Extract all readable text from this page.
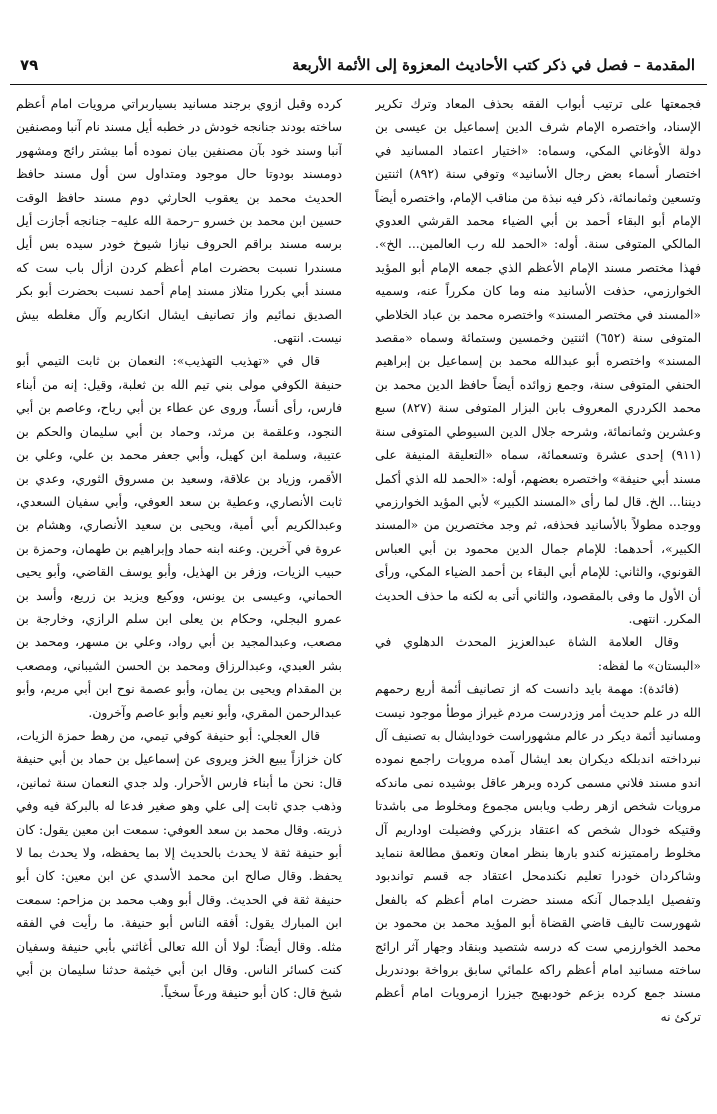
٧٩	المقدمة – فصل في ذكر كتب الأحاديث المعزوة إلى الأئمة الأربعة

فجمعتها على ترتيب أبواب الفقه بحذف المعاد وترك تكرير الإسناد، واختصره الإمام شرف الدين إسماعيل بن عيسى بن دولة الأوغاني المكي، وسماه: «اختيار اعتماد المسانيد في اختصار أسماء بعض رجال الأسانيد» وتوفي سنة (٨٩٢) اثنتين وتسعين وثمانمائة، ذكر فيه نبذة من مناقب الإمام، واختصره أيضاً الإمام أبو البقاء أحمد بن أبي الضياء محمد القرشي العدوي المالكي المتوفى سنة. أوله: «الحمد لله رب العالمين... الخ». فهذا مختصر مسند الإمام الأعظم الذي جمعه الإمام أبو المؤيد الخوارزمي، حذفت الأسانيد منه وما كان مكرراً عنه، وسميه «المسند في مختصر المسند» واختصره محمد بن عباد الخلاطي المتوفى سنة (٦٥٢) اثنتين وخمسين وستمائة وسماه «مقصد المسند» واختصره أبو عبدالله محمد بن إسماعيل بن إبراهيم الحنفي المتوفى سنة، وجمع زوائده أيضاً حافظ الدين محمد بن محمد الكردري المعروف بابن البزار المتوفى سنة (٨٢٧) سبع وعشرين وثمانمائة، وشرحه جلال الدين السيوطي المتوفى سنة (٩١١) إحدى عشرة وتسعمائة، سماه «التعليقة المنيفة على مسند أبي حنيفة» واختصره بعضهم، أوله: «الحمد لله الذي أكمل ديننا... الخ. قال لما رأى «المسند الكبير» لأبي المؤيد الخوارزمي ووجده مطولاً بالأسانيد فحذفه، ثم وجد مختصرين من «المسند الكبير»، أحدهما: للإمام جمال الدين محمود بن أبي العباس القونوي، والثاني: للإمام أبي البقاء بن أحمد الضياء المكي، ورأى أن الأول ما وفى بالمقصود، والثاني أتى به لكنه ما حذف الحديث المكرر. انتهى.

وقال العلامة الشاة عبدالعزيز المحدث الدهلوي في «البستان» ما لفظه:

(فائدة): مهمة بايد دانست كه از تصانيف أئمة أربع رحمهم الله در علم حديث أمر وزدرست مردم غيراز موطأ موجود نيست ومسانيد أئمة ديكر در عالم مشهوراست خودايشال به تصنيف آل نبرداخته اندبلكه ديكران بعد ايشال آمده مرويات راجمع نموده اندو مسند فلاني مسمى كرده وبرهر عاقل بوشيده نمى ماندكه مرويات شخص ازهر رطب ويابس مجموع ومخلوط مى باشدتا وقتيكه خودال شخص كه اعتقاد بزركي وفضيلت اوداريم آل مخلوط راممتيزنه كندو بارها بنظر امعان وتعمق مطالعة ننمايد وشاكردان خودرا تعليم نكندمحل اعتقاد جه قسم تواندبود وتفصيل ايلدجمال آنكه مسند حضرت امام أعظم كه بالفعل شهورست تاليف قاضي القضاة أبو المؤيد محمد بن محمود بن محمد الخوارزمي ست كه درسه شتصيد وبنقاد وجهار آثر ارائج ساخته مسانيد امام أعظم راكه علمائي سابق برواخة بودندربل مسند جمع كرده بزعم خودبهيج جيزرا ازمرويات امام أعظم تركئ نه

كرده وقبل ازوي برجند مسانيد بسياربراتي مرويات امام أعظم ساخته بودند جنانجه خودش در خطبه أيل مسند نام آنبا ومصنفين آنبا وسند خود بآن مصنفين بيان نموده أما بيشتر رائج ومشهور دومسند بودوتا حال موجود ومتداول سن أول مسند حافظ الحديث محمد بن يعقوب الحارثي دوم مسند حافظ الوقت حسين ابن محمد بن خسرو –رحمة الله عليه– جنانجه أجازت أيل برسه مسند براقم الحروف نيازا شيوخ خودر سيده بس أيل مسندرا نسبت بحضرت امام أعظم كردن ازأل باب ست كه مسند أبي بكررا متلاز مسند إمام أحمد نسبت بحضرت أبو بكر الصديق نمائيم واز تصانيف ايشال انكاريم وآل مغلطه بيش نيست. انتهى.

قال في «تهذيب التهذيب»: النعمان بن ثابت التيمي أبو حنيفة الكوفي مولى بني تيم الله بن ثعلبة، وقيل: إنه من أبناء فارس، رأى أنساً، وروى عن عطاء بن أبي رباح، وعاصم بن أبي النجود، وعلقمة بن مرثد، وحماد بن أبي سليمان والحكم بن عتيبة، وسلمة ابن كهيل، وأبي جعفر محمد بن علي، وعلي بن الأقمر، وزياد بن علاقة، وسعيد بن مسروق الثوري، وعدي بن ثابت الأنصاري، وعطية بن سعد العوفي، وأبي سفيان السعدي، وعبدالكريم أبي أمية، ويحيى بن سعيد الأنصاري، وهشام بن عروة في آخرين. وعنه ابنه حماد وإبراهيم بن طهمان، وحمزة بن حبيب الزيات، وزفر بن الهذيل، وأبو يوسف القاضي، وأبو يحيى الحماني، وعيسى بن يونس، ووكيع ويزيد بن زريع، وأسد بن عمرو البجلي، وحكام بن يعلى ابن سلم الرازي، وخارجة بن مصعب، وعبدالمجيد بن أبي رواد، وعلي بن مسهر، ومحمد بن بشر العبدي، وعبدالرزاق ومحمد بن الحسن الشيباني، ومصعب بن المقدام ويحيى بن يمان، وأبو عصمة نوح ابن أبي مريم، وأبو عبدالرحمن المقري، وأبو نعيم وأبو عاصم وآخرون.

قال العجلي: أبو حنيفة كوفي تيمي، من رهط حمزة الزيات، كان خزازاً يبيع الخز ويروى عن إسماعيل بن حماد بن أبي حنيفة قال: نحن ما أبناء فارس الأحرار. ولد جدي النعمان سنة ثمانين، وذهب جدي ثابت إلى علي وهو صغير فدعا له بالبركة فيه وفي ذريته. وقال محمد بن سعد العوفي: سمعت ابن معين يقول: كان أبو حنيفة ثقة لا يحدث بالحديث إلا بما يحفظه، ولا يحدث بما لا يحفظ. وقال صالح ابن محمد الأسدي عن ابن معين: كان أبو حنيفة ثقة في الحديث. وقال أبو وهب محمد بن مزاحم: سمعت ابن المبارك يقول: أفقه الناس أبو حنيفة. ما رأيت في الفقه مثله. وقال أيضاً: لولا أن الله تعالى أغاثني بأبي حنيفة وسفيان كنت كسائر الناس. وقال ابن أبي خيثمة حدثنا سليمان بن أبي شيخ قال: كان أبو حنيفة ورعاً سخياً.
